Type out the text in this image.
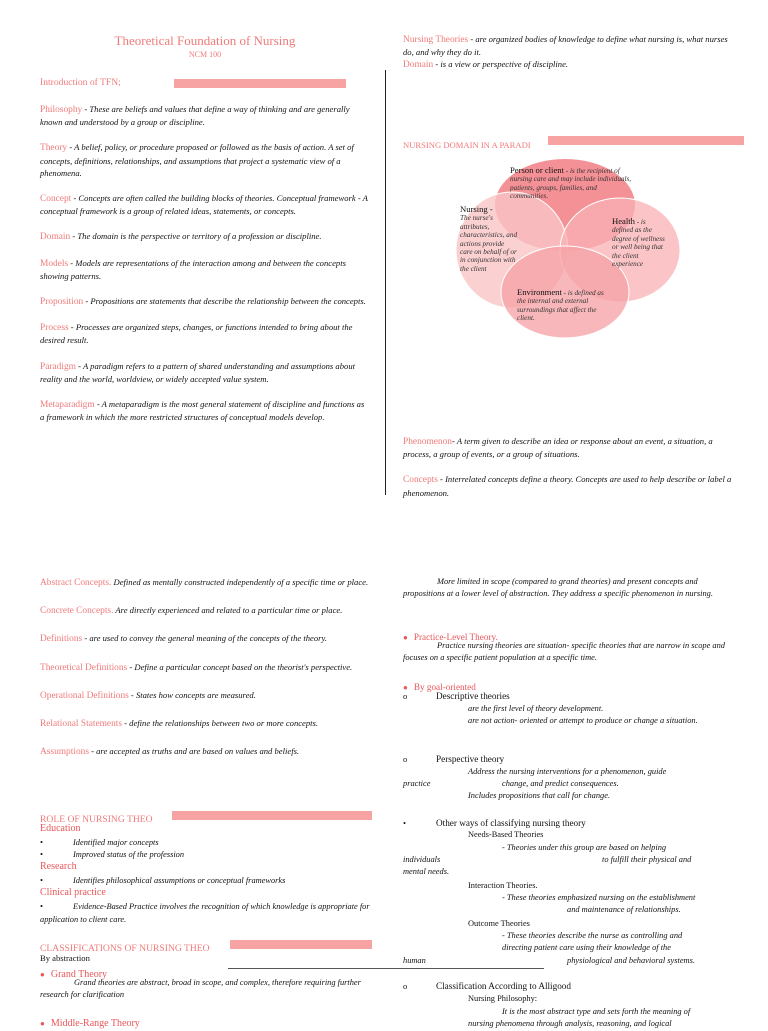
Theoretical Foundation of Nursing
NCM 100
Introduction of TFN;

Philosophy - These are beliefs and values that define a way of thinking and are generally known and understood by a group or discipline.

Theory - A belief, policy, or procedure proposed or followed as the basis of action. A set of concepts, definitions, relationships, and assumptions that project a systematic view of a phenomena.

Concept - Concepts are often called the building blocks of theories. Conceptual framework - A conceptual framework is a group of related ideas, statements, or concepts.

Domain - The domain is the perspective or territory of a profession or discipline.

Models - Models are representations of the interaction among and between the concepts showing patterns.

Proposition - Propositions are statements that describe the relationship between the concepts.

Process - Processes are organized steps, changes, or functions intended to bring about the desired result.

Paradigm - A paradigm refers to a pattern of shared understanding and assumptions about reality and the world, worldview, or widely accepted value system.

Metaparadigm - A metaparadigm is the most general statement of discipline and functions as a framework in which the more restricted structures of conceptual models develop.

Nursing Theories - are organized bodies of knowledge to define what nursing is, what nurses do, and why they do it.

Domain - is a view or perspective of discipline.

NURSING DOMAIN IN A PARADI
Person or client - is the recipient of nursing care and may include individuals, patients, groups, families, and communities.
Nursing -
The nurse's attributes, characteristics, and actions provide care on behalf of or in conjunction with the client
Health - is defined as the degree of wellness or well being that the client experience
Environment - is defined as the internal and external surroundings that affect the client.

Phenomenon- A term given to describe an idea or response about an event, a situation, a process, a group of events, or a group of situations.

Concepts - Interrelated concepts define a theory. Concepts are used to help describe or label a phenomenon.

Abstract Concepts. Defined as mentally constructed independently of a specific time or place.

Concrete Concepts. Are directly experienced and related to a particular time or place.

Definitions - are used to convey the general meaning of the concepts of the theory.

Theoretical Definitions - Define a particular concept based on the theorist's perspective.

Operational Definitions - States how concepts are measured.

Relational Statements - define the relationships between two or more concepts.

Assumptions - are accepted as truths and are based on values and beliefs.

ROLE OF NURSING THEO
Education
•	Identified major concepts
•	Improved status of the profession
Research
•	Identifies philosophical assumptions or conceptual frameworks
Clinical practice
•	Evidence-Based Practice involves the recognition of which knowledge is appropriate for application to client care.
CLASSIFICATIONS OF NURSING THEO
By abstraction
● Grand Theory
Grand theories are abstract, broad in scope, and complex, therefore requiring further research for clarification
● Middle-Range Theory
More limited in scope (compared to grand theories) and present concepts and propositions at a lower level of abstraction. They address a specific phenomenon in nursing.
● Practice-Level Theory.
Practice nursing theories are situation- specific theories that are narrow in scope and focuses on a specific patient population at a specific time.
● By goal-oriented
o	Descriptive theories
are the first level of theory development.
are not action- oriented or attempt to produce or change a situation.
o	Perspective theory
Address the nursing interventions for a phenomenon, guide
practice	change, and predict consequences.
Includes propositions that call for change.
•	Other ways of classifying nursing theory
Needs-Based Theories
- Theories under this group are based on helping
individuals	to fulfill their physical and
mental needs.
Interaction Theories.
- These theories emphasized nursing on the establishment
and maintenance of relationships.
Outcome Theories
- These theories describe the nurse as controlling and
directing patient care using their knowledge of the
human	physiological and behavioral systems.
o	Classification According to Alligood
Nursing Philosophy:
It is the most abstract type and sets forth the meaning of
nursing phenomena through analysis, reasoning, and logical
